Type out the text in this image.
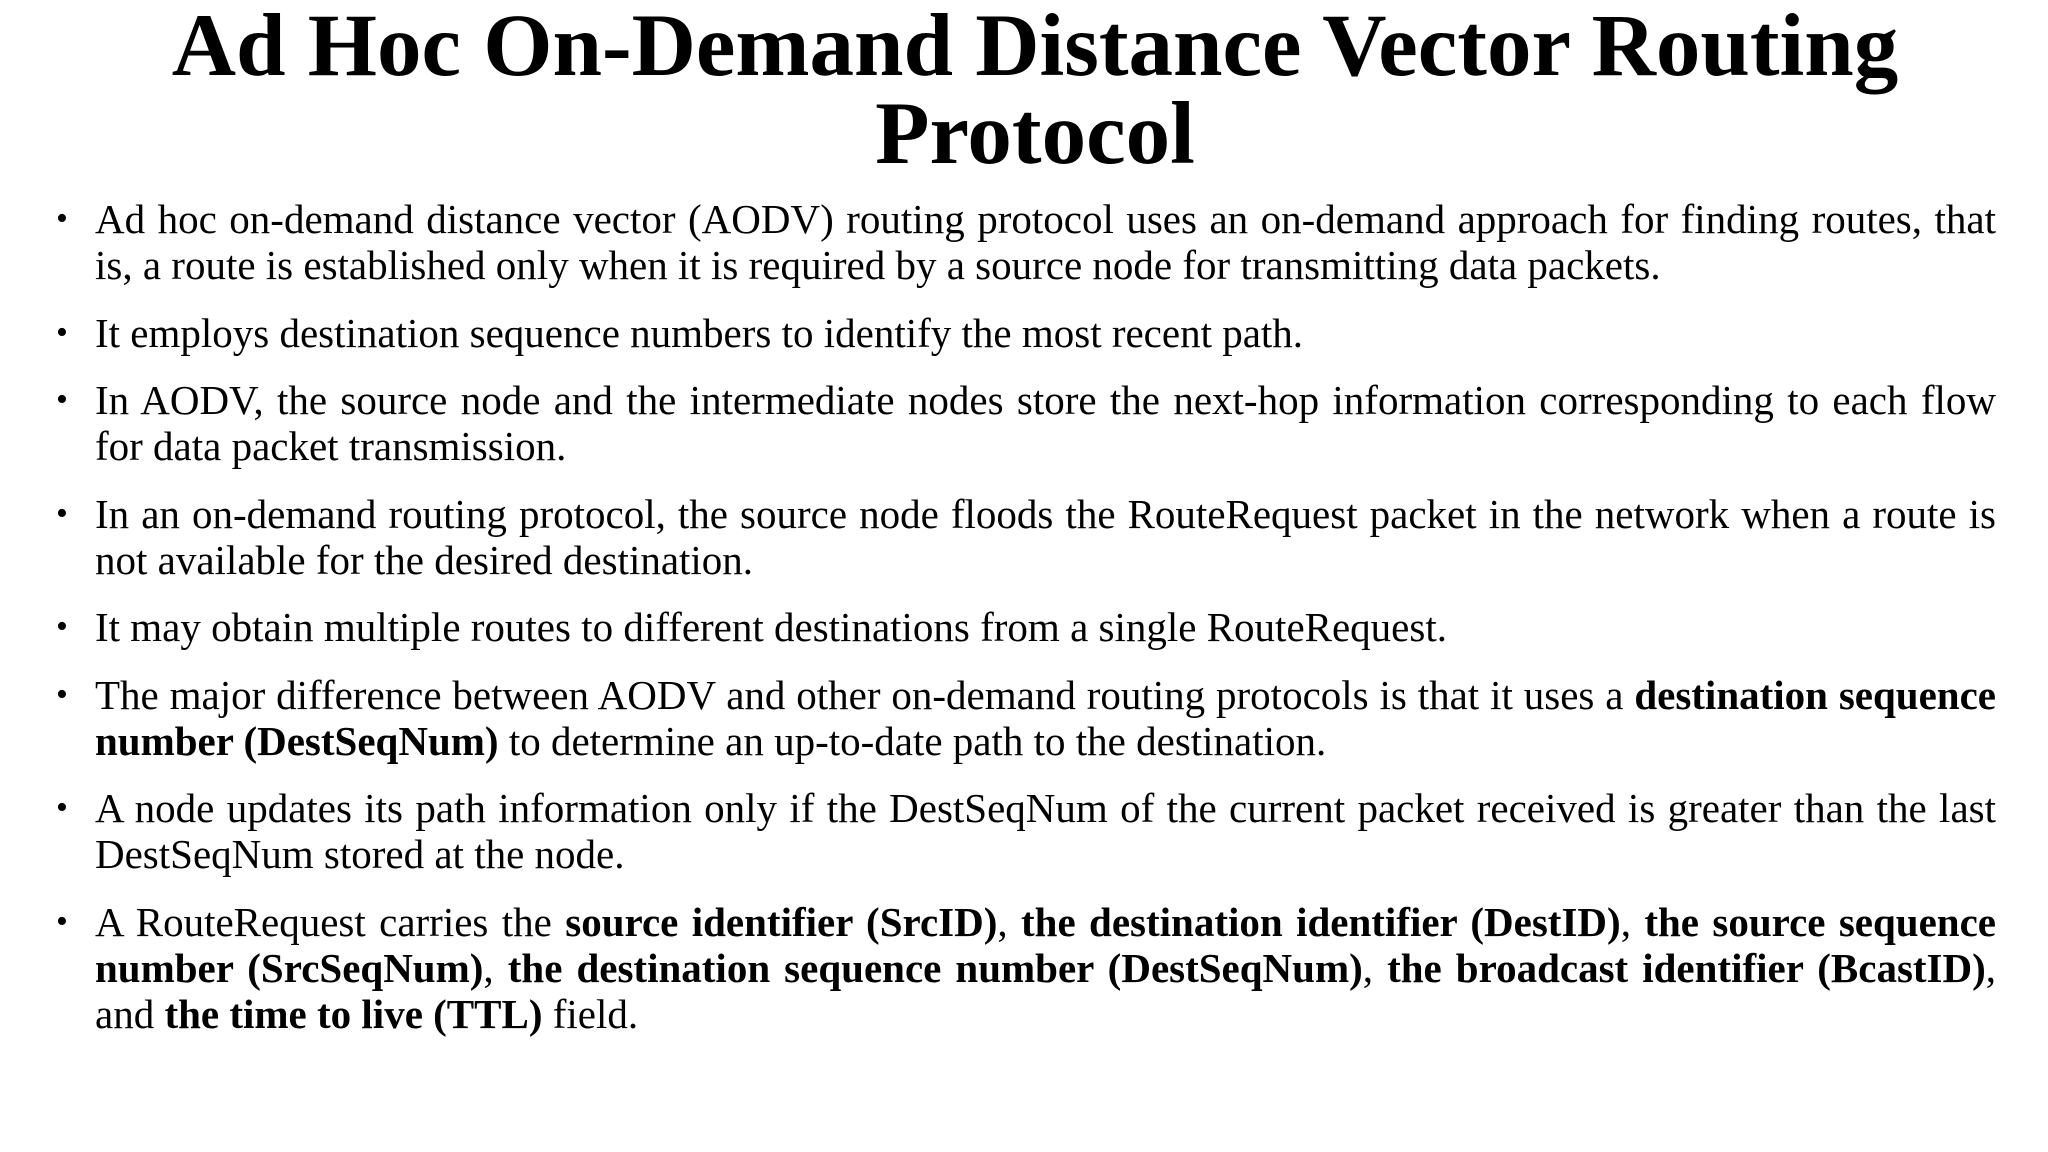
Ad Hoc On-Demand Distance Vector Routing Protocol
• Ad hoc on-demand distance vector (AODV) routing protocol uses an on-demand approach for finding routes, that is, a route is established only when it is required by a source node for transmitting data packets.
• It employs destination sequence numbers to identify the most recent path.
• In AODV, the source node and the intermediate nodes store the next-hop information corresponding to each flow for data packet transmission.
• In an on-demand routing protocol, the source node floods the RouteRequest packet in the network when a route is not available for the desired destination.
• It may obtain multiple routes to different destinations from a single RouteRequest.
• The major difference between AODV and other on-demand routing protocols is that it uses a destination sequence number (DestSeqNum) to determine an up-to-date path to the destination.
• A node updates its path information only if the DestSeqNum of the current packet received is greater than the last DestSeqNum stored at the node.
• A RouteRequest carries the source identifier (SrcID), the destination identifier (DestID), the source sequence number (SrcSeqNum), the destination sequence number (DestSeqNum), the broadcast identifier (BcastID), and the time to live (TTL) field.
